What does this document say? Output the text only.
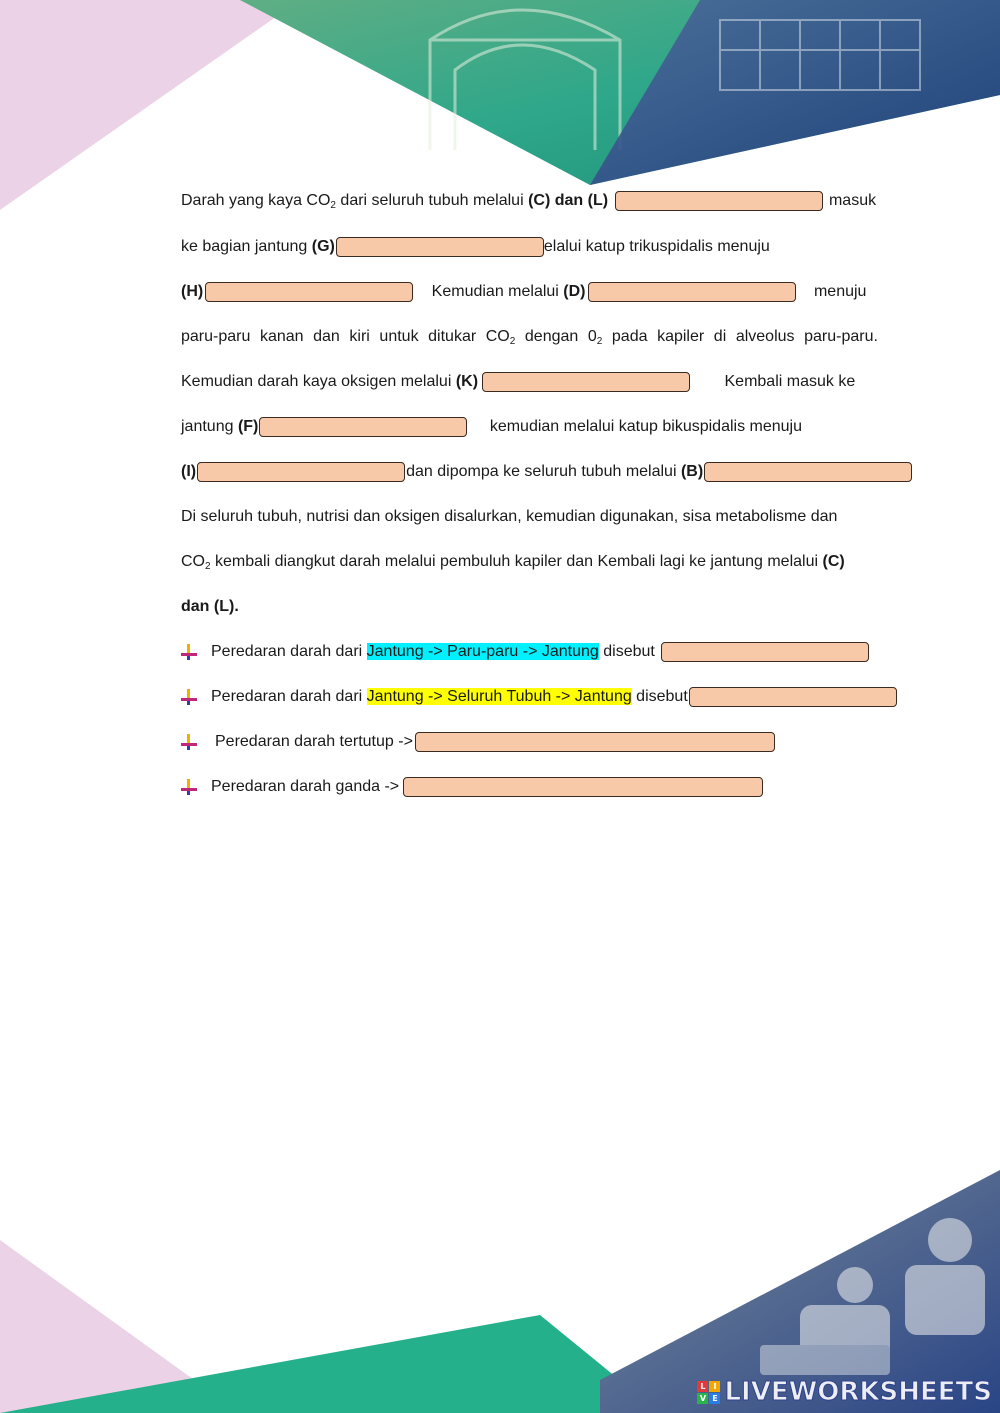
Darah yang kaya $CO_2$ dari seluruh tubuh melalui (C) dan (L)	masuk
ke bagian jantung (G)	elalui katup trikuspidalis menuju
(H)	Kemudian melalui (D)	menuju
paru-paru kanan dan kiri untuk ditukar $CO_2$ dengan $0_2$ pada kapiler di alveolus paru-paru.
Kemudian darah kaya oksigen melalui (K)	Kembali masuk ke
jantung (F)	kemudian melalui katup bikuspidalis menuju
(I)	dan dipompa ke seluruh tubuh melalui (B)
Di seluruh tubuh, nutrisi dan oksigen disalurkan, kemudian digunakan, sisa metabolisme dan
$CO_2$ kembali diangkut darah melalui pembuluh kapiler dan Kembali lagi ke jantung melalui (C)
dan (L).
Peredaran darah dari Jantung -> Paru-paru -> Jantung disebut
Peredaran darah dari Jantung -> Seluruh Tubuh -> Jantung disebut
Peredaran darah tertutup ->
Peredaran darah ganda ->
L I
V E LIVEWORKSHEETS
